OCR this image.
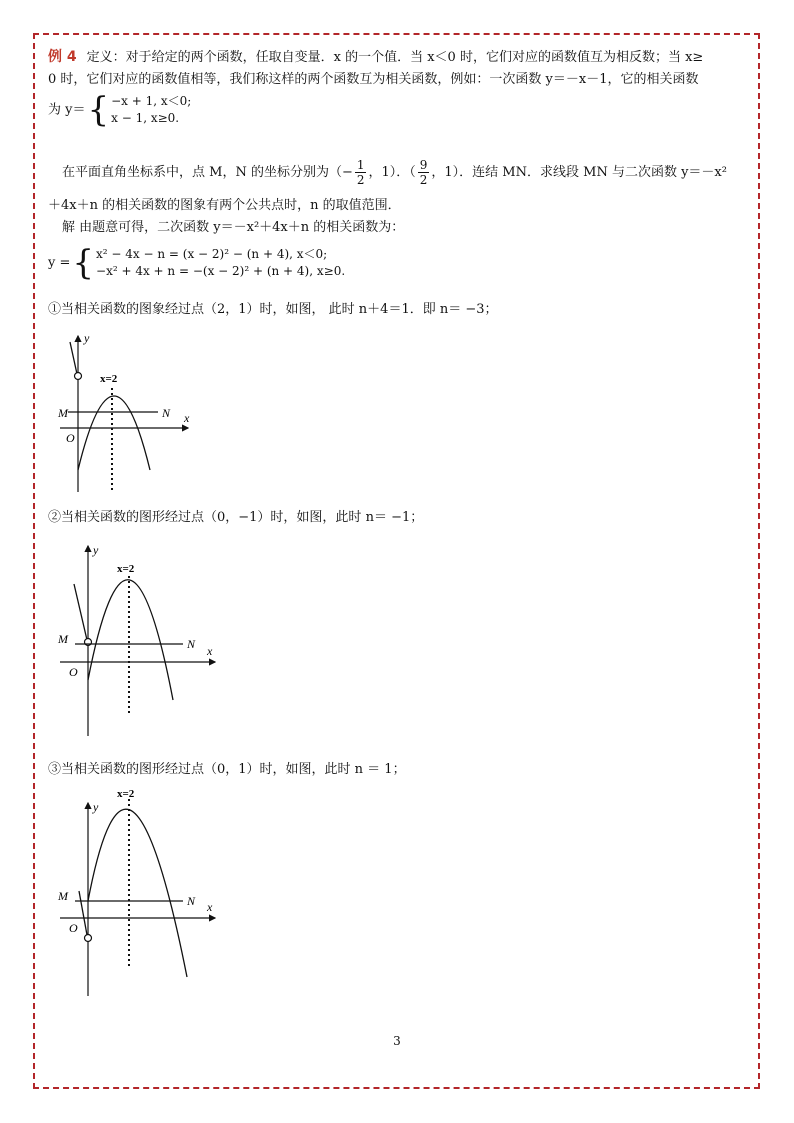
例 4 定义：对于给定的两个函数，任取自变量．x 的一个值．当 x＜0 时，它们对应的函数值互为相反数；当 x≥
0 时，它们对应的函数值相等，我们称这样的两个函数互为相关函数，例如：一次函数 y＝－x－1，它的相关函数
为 y＝{ −x + 1, x＜0;
x − 1, x≥0.
在平面直角坐标系中，点 M，N 的坐标分别为（− $\frac{1}{2}$ ，1）．（ $\frac{9}{2}$ ，1）．连结 MN．求线段 MN 与二次函数 y＝－x²
＋4x＋n 的相关函数的图象有两个公共点时，n 的取值范围．
解 由题意可得，二次函数 y＝－x²＋4x＋n 的相关函数为：
y ={ x² − 4x − n = (x − 2)² − (n + 4), x＜0;
−x² + 4x + n = −(x − 2)² + (n + 4), x≥0.
①当相关函数的图象经过点（2，1）时，如图， 此时 n＋4＝1．即 n＝ −3；
y
x
O
M	N
x=2
②当相关函数的图形经过点（0，−1）时，如图，此时 n＝ −1；
y
x
O
M	N
x=2
③当相关函数的图形经过点（0，1）时，如图，此时 n ＝ 1；
y
x
O
M	N
x=2
3
